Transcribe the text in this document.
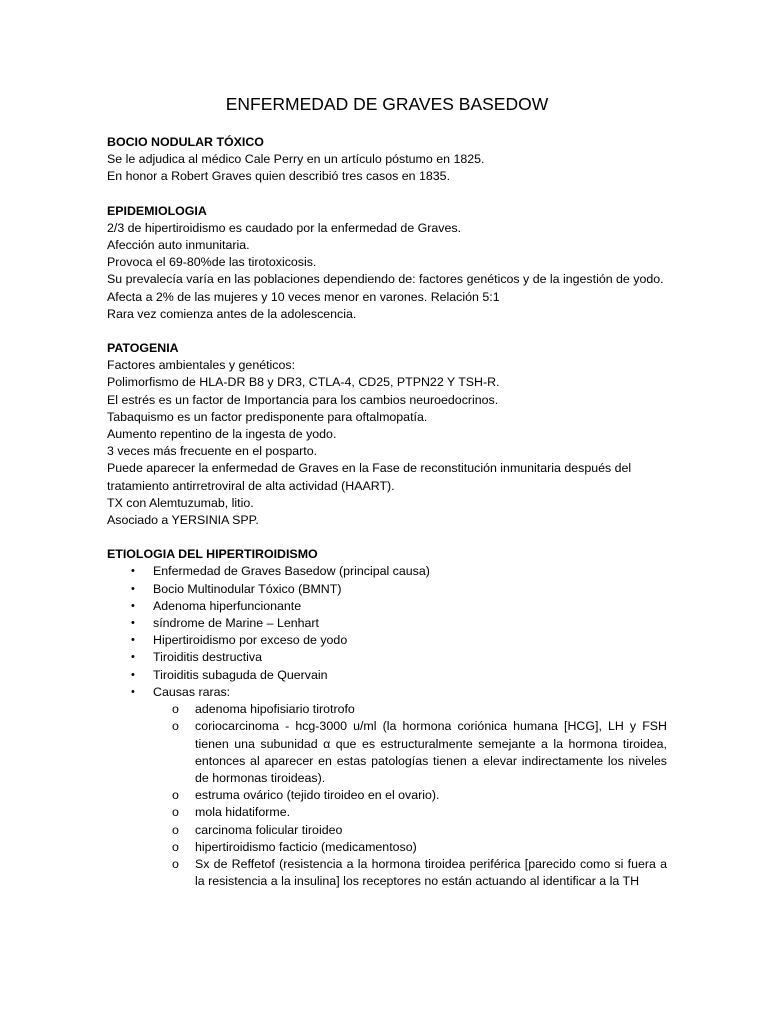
ENFERMEDAD DE GRAVES BASEDOW

BOCIO NODULAR TÓXICO

Se le adjudica al médico Cale Perry en un artículo póstumo en 1825.

En honor a Robert Graves quien describió tres casos en 1835.

EPIDEMIOLOGIA

2/3 de hipertiroidismo es caudado por la enfermedad de Graves.

Afección auto inmunitaria.

Provoca el 69-80%de las tirotoxicosis.

Su prevalecía varía en las poblaciones dependiendo de: factores genéticos y de la ingestión de yodo.

Afecta a 2% de las mujeres y 10 veces menor en varones. Relación 5:1

Rara vez comienza antes de la adolescencia.

PATOGENIA

Factores ambientales y genéticos:

Polimorfismo de HLA-DR B8 y DR3, CTLA-4, CD25, PTPN22 Y TSH-R.

El estrés es un factor de Importancia para los cambios neuroedocrinos.

Tabaquismo es un factor predisponente para oftalmopatía.

Aumento repentino de la ingesta de yodo.

3 veces más frecuente en el posparto.

Puede aparecer la enfermedad de Graves en la Fase de reconstitución inmunitaria después del tratamiento antirretroviral de alta actividad (HAART).

TX con Alemtuzumab, litio.

Asociado a YERSINIA SPP.

ETIOLOGIA DEL HIPERTIROIDISMO

• Enfermedad de Graves Basedow (principal causa)
• Bocio Multinodular Tóxico (BMNT)
• Adenoma hiperfuncionante
• síndrome de Marine – Lenhart
• Hipertiroidismo por exceso de yodo
• Tiroiditis destructiva
• Tiroiditis subaguda de Quervain
• Causas raras:
o adenoma hipofisiario tirotrofo
o coriocarcinoma - hcg-3000 u/ml (la hormona coriónica humana [HCG], LH y FSH tienen una subunidad α que es estructuralmente semejante a la hormona tiroidea, entonces al aparecer en estas patologías tienen a elevar indirectamente los niveles de hormonas tiroideas).
o estruma ovárico (tejido tiroideo en el ovario).
o mola hidatiforme.
o carcinoma folicular tiroideo
o hipertiroidismo facticio (medicamentoso)
o Sx de Reffetof (resistencia a la hormona tiroidea periférica [parecido como si fuera a la resistencia a la insulina] los receptores no están actuando al identificar a la TH
